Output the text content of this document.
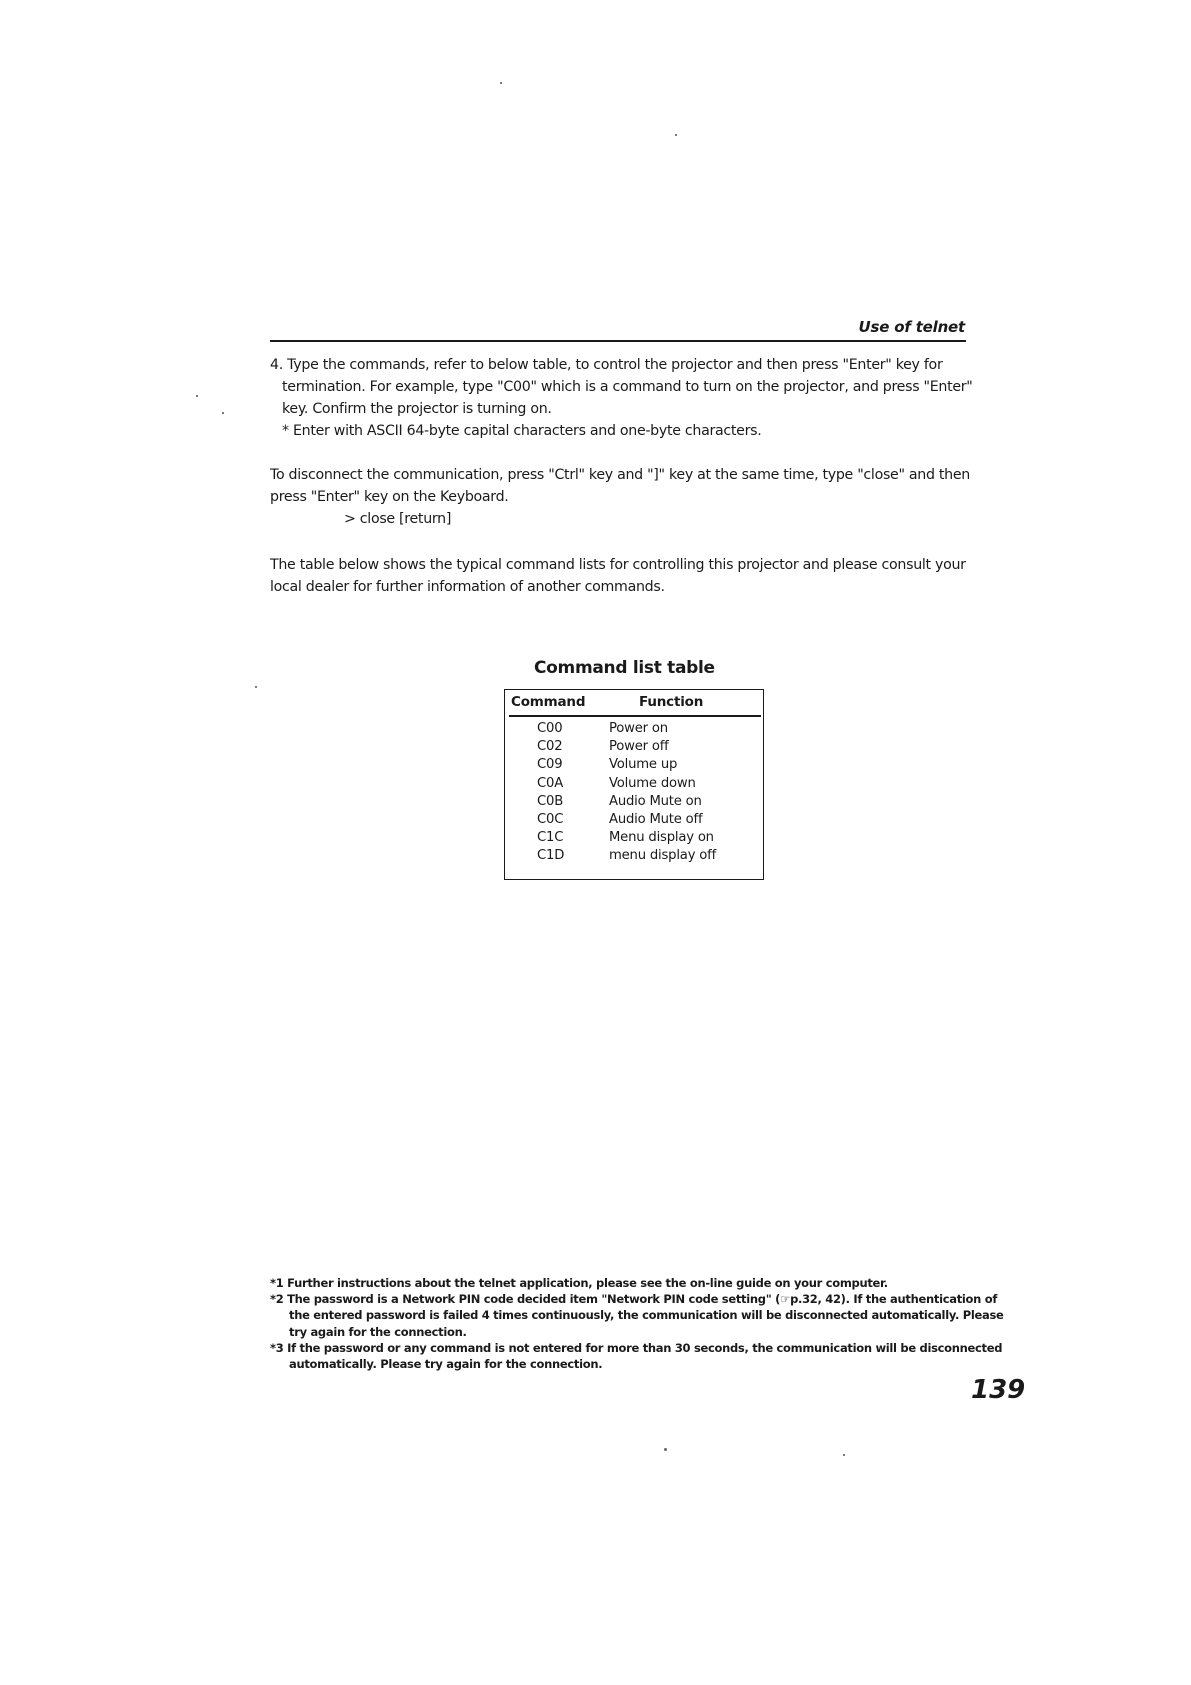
Use of telnet
4. Type the commands, refer to below table, to control the projector and then press "Enter" key for
termination. For example, type "C00" which is a command to turn on the projector, and press "Enter"
key. Confirm the projector is turning on.
* Enter with ASCII 64-byte capital characters and one-byte characters.
To disconnect the communication, press "Ctrl" key and "]" key at the same time, type "close" and then
press "Enter" key on the Keyboard.
> close [return]
The table below shows the typical command lists for controlling this projector and please consult your
local dealer for further information of another commands.
Command list table
Command	Function
C00	Power on
C02	Power off
C09	Volume up
C0A	Volume down
C0B	Audio Mute on
C0C	Audio Mute off
C1C	Menu display on
C1D	menu display off
*1 Further instructions about the telnet application, please see the on-line guide on your computer.
*2 The password is a Network PIN code decided item "Network PIN code setting" (☞p.32, 42). If the authentication of
the entered password is failed 4 times continuously, the communication will be disconnected automatically. Please
try again for the connection.
*3 If the password or any command is not entered for more than 30 seconds, the communication will be disconnected
automatically. Please try again for the connection.
139
